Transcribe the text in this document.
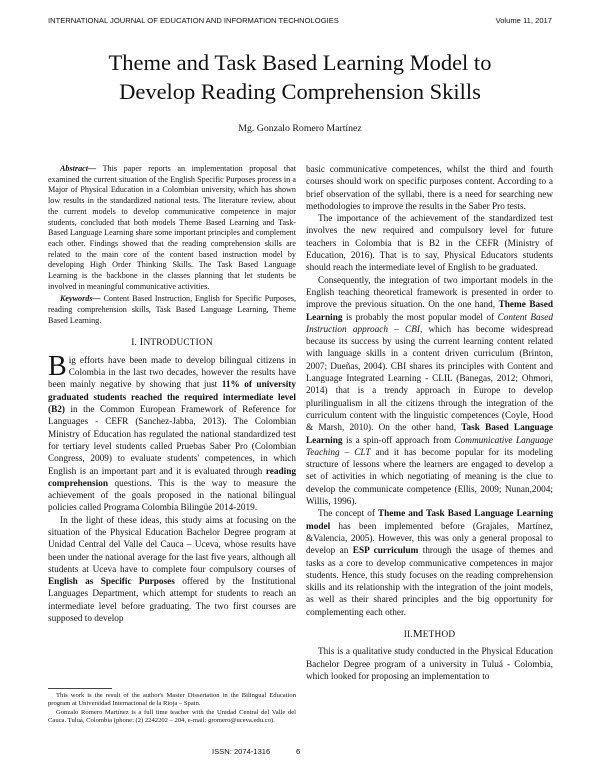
INTERNATIONAL JOURNAL OF EDUCATION AND INFORMATION TECHNOLOGIES	Volume 11, 2017
Theme and Task Based Learning Model to
Develop Reading Comprehension Skills
Mg. Gonzalo Romero Martínez

Abstract— This paper reports an implementation proposal that examined the current situation of the English Specific Purposes process in a Major of Physical Education in a Colombian university, which has shown low results in the standardized national tests. The literature review, about the current models to develop communicative competence in major students, concluded that both models Theme Based Learning and Task-Based Language Learning share some important principles and complement each other. Findings showed that the reading comprehension skills are related to the main core of the content based instruction model by developing High Order Thinking Skills. The Task Based Language Learning is the backbone in the classes planning that let students be involved in meaningful communicative activities.

Keywords— Content Based Instruction, English for Specific Purposes, reading comprehension skills, Task Based Language Learning, Theme Based Learning.

I. INTRODUCTION

Big efforts have been made to develop bilingual citizens in Colombia in the last two decades, however the results have been mainly negative by showing that just 11% of university graduated students reached the required intermediate level (B2) in the Common European Framework of Reference for Languages - CEFR (Sanchez-Jabba, 2013). The Colombian Ministry of Education has regulated the national standardized test for tertiary level students called Pruebas Saber Pro (Colombian Congress, 2009) to evaluate students' competences, in which English is an important part and it is evaluated through reading comprehension questions. This is the way to measure the achievement of the goals proposed in the national bilingual policies called Programa Colombia Bilingüe 2014-2019.

In the light of these ideas, this study aims at focusing on the situation of the Physical Education Bachelor Degree program at Unidad Central del Valle del Cauca – Uceva, whose results have been under the national average for the last five years, although all students at Uceva have to complete four compulsory courses of English as Specific Purposes offered by the Institutional Languages Department, which attempt for students to reach an intermediate level before graduating. The two first courses are supposed to develop

basic communicative competences, whilst the third and fourth courses should work on specific purposes content. According to a brief observation of the syllabi, there is a need for searching new methodologies to improve the results in the Saber Pro tests.

The importance of the achievement of the standardized test involves the new required and compulsory level for future teachers in Colombia that is B2 in the CEFR (Ministry of Education, 2016). That is to say, Physical Educators students should reach the intermediate level of English to be graduated.

Consequently, the integration of two important models in the English teaching theoretical framework is presented in order to improve the previous situation. On the one hand, Theme Based Learning is probably the most popular model of Content Based Instruction approach – CBI, which has become widespread because its success by using the current learning content related with language skills in a content driven curriculum (Brinton, 2007; Dueñas, 2004). CBI shares its principles with Content and Language Integrated Learning - CLIL (Banegas, 2012; Ohmori, 2014) that is a trendy approach in Europe to develop plurilingualism in all the citizens through the integration of the curriculum content with the linguistic competences (Coyle, Hood & Marsh, 2010). On the other hand, Task Based Language Learning is a spin-off approach from Communicative Language Teaching – CLT and it has become popular for its modeling structure of lessons where the learners are engaged to develop a set of activities in which negotiating of meaning is the clue to develop the communicate competence (Ellis, 2009; Nunan,2004; Willis, 1996).

The concept of Theme and Task Based Language Learning model has been implemented before (Grajales, Martínez, &Valencia, 2005). However, this was only a general proposal to develop an ESP curriculum through the usage of themes and tasks as a core to develop communicative competences in major students. Hence, this study focuses on the reading comprehension skills and its relationship with the integration of the joint models, as well as their shared principles and the big opportunity for complementing each other.

II.METHOD

This is a qualitative study conducted in the Physical Education Bachelor Degree program of a university in Tuluá - Colombia, which looked for proposing an implementation to

This work is the result of the author's Master Dissertation in the Bilingual Education program at Universidad Internacional de la Rioja – Spain.

Gonzalo Romero Martínez is a full time teacher with the Unidad Central del Valle del Cauca. Tuluá, Colombia (phone: (2) 2242202 – 204, e-mail: gromero@uceva.edu.co).

ISSN: 2074-1316	6
